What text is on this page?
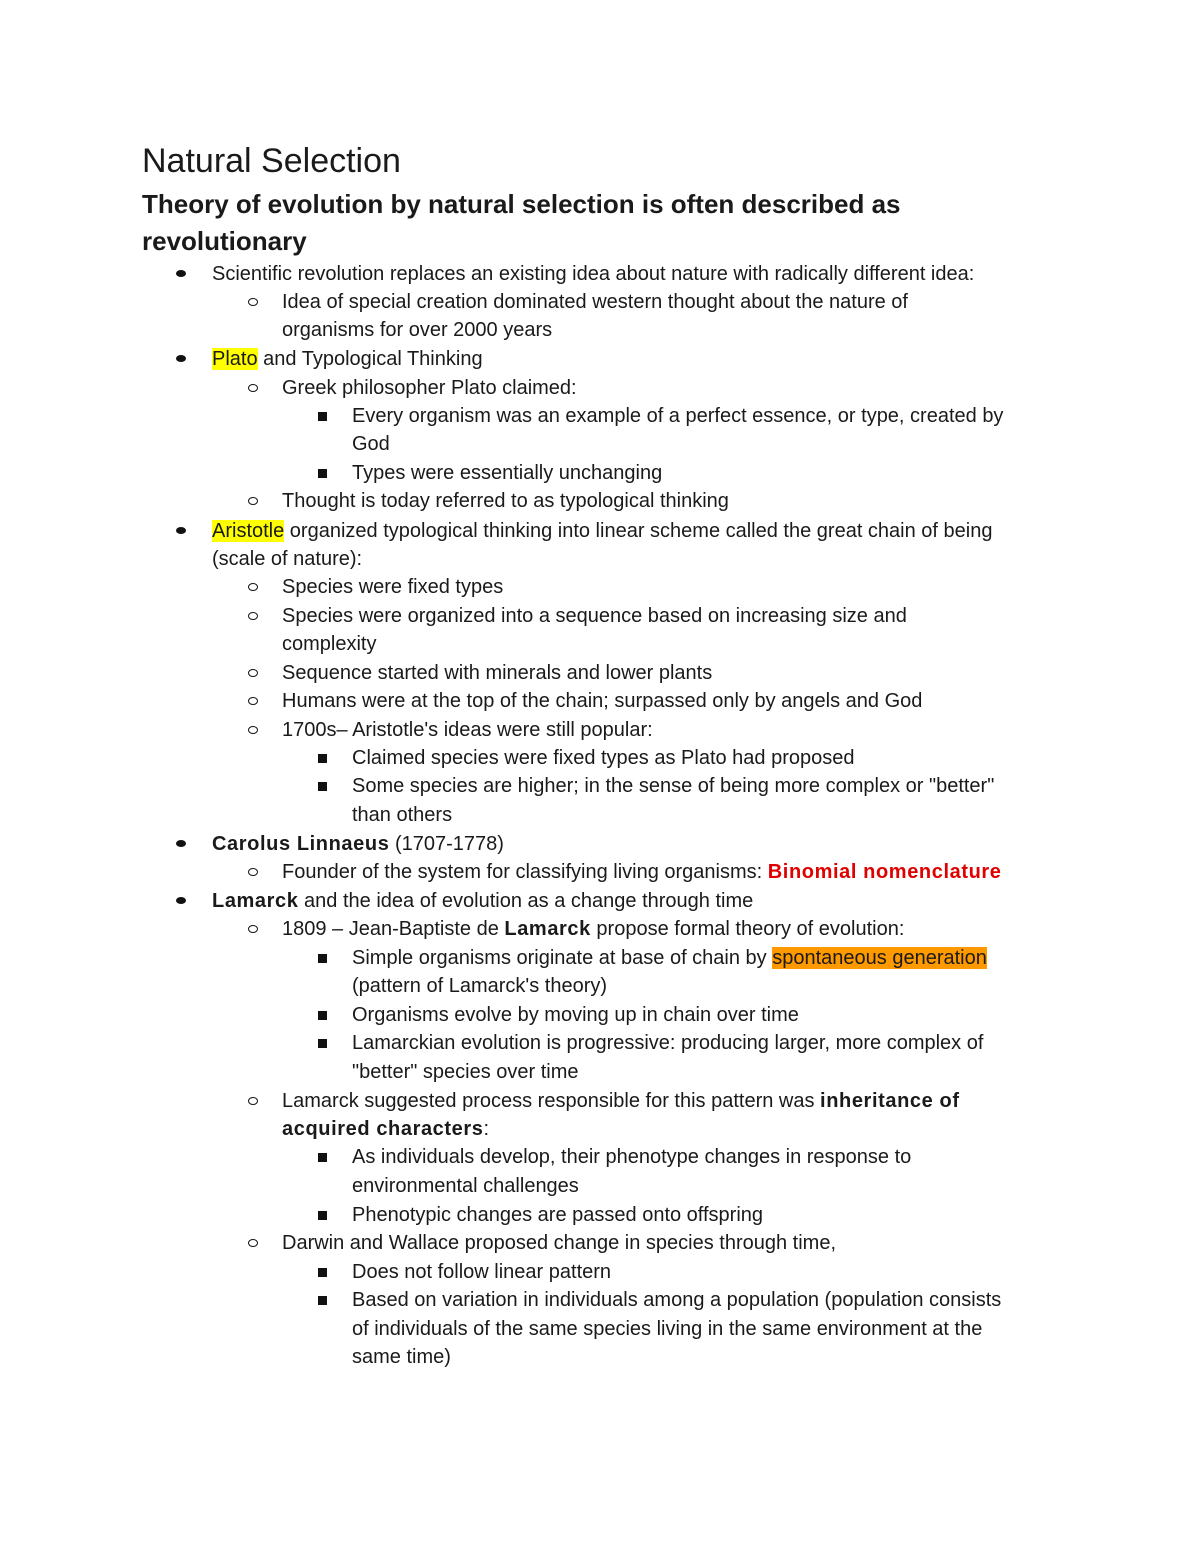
Natural Selection
Theory of evolution by natural selection is often described as revolutionary
Scientific revolution replaces an existing idea about nature with radically different idea:
Idea of special creation dominated western thought about the nature of
organisms for over 2000 years
Plato and Typological Thinking
Greek philosopher Plato claimed:
Every organism was an example of a perfect essence, or type, created by
God
Types were essentially unchanging
Thought is today referred to as typological thinking
Aristotle organized typological thinking into linear scheme called the great chain of being
(scale of nature):
Species were fixed types
Species were organized into a sequence based on increasing size and
complexity
Sequence started with minerals and lower plants
Humans were at the top of the chain; surpassed only by angels and God
1700s– Aristotle's ideas were still popular:
Claimed species were fixed types as Plato had proposed
Some species are higher; in the sense of being more complex or "better"
than others
Carolus Linnaeus (1707-1778)
Founder of the system for classifying living organisms: Binomial nomenclature
Lamarck and the idea of evolution as a change through time
1809 – Jean-Baptiste de Lamarck propose formal theory of evolution:
Simple organisms originate at base of chain by spontaneous generation
(pattern of Lamarck's theory)
Organisms evolve by moving up in chain over time
Lamarckian evolution is progressive: producing larger, more complex of
"better" species over time
Lamarck suggested process responsible for this pattern was inheritance of
acquired characters:
As individuals develop, their phenotype changes in response to
environmental challenges
Phenotypic changes are passed onto offspring
Darwin and Wallace proposed change in species through time,
Does not follow linear pattern
Based on variation in individuals among a population (population consists
of individuals of the same species living in the same environment at the
same time)
